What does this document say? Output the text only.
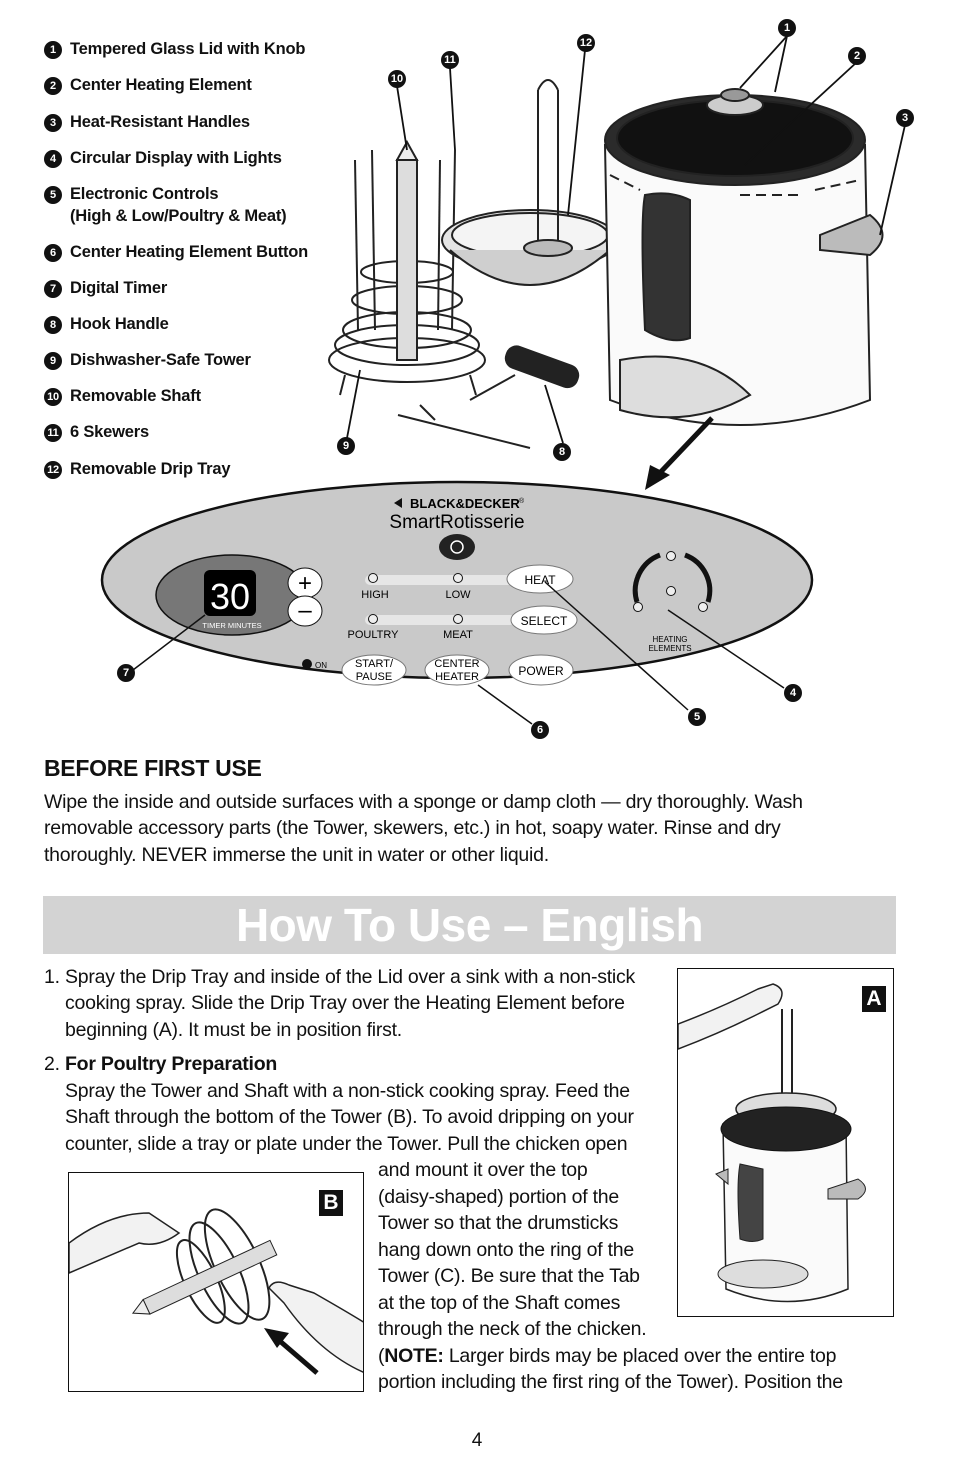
1 Tempered Glass Lid with Knob
2 Center Heating Element
3 Heat-Resistant Handles
4 Circular Display with Lights
5 Electronic Controls
(High & Low/Poultry & Meat)
6 Center Heating Element Button
7 Digital Timer
8 Hook Handle
9 Dishwasher-Safe Tower
10 Removable Shaft
11 6 Skewers
12 Removable Drip Tray
1
2
3
12
11
10
9	8
BLACK&DECKER ®
SmartRotisserie
30
TIMER MINUTES
+
–
HIGH	LOW
POULTRY	MEAT
HEAT
SELECT
ON	START/
PAUSE
CENTER
HEATER	POWER
HEATING
ELEMENTS
7
4
5
6
BEFORE FIRST USE
Wipe the inside and outside surfaces with a sponge or damp cloth — dry thoroughly. Wash
removable accessory parts (the Tower, skewers, etc.) in hot, soapy water. Rinse and dry
thoroughly. NEVER immerse the unit in water or other liquid.
How To Use – English
1. Spray the Drip Tray and inside of the Lid over a sink with a non-stick
cooking spray. Slide the Drip Tray over the Heating Element before
beginning (A). It must be in position first.
2. For Poultry Preparation
Spray the Tower and Shaft with a non-stick cooking spray. Feed the
Shaft through the bottom of the Tower (B). To avoid dripping on your
counter, slide a tray or plate under the Tower. Pull the chicken open
and mount it over the top
(daisy-shaped) portion of the
Tower so that the drumsticks
hang down onto the ring of the
Tower (C). Be sure that the Tab
at the top of the Shaft comes
through the neck of the chicken.
(NOTE: Larger birds may be placed over the entire top
portion including the first ring of the Tower). Position the
A
B
4
